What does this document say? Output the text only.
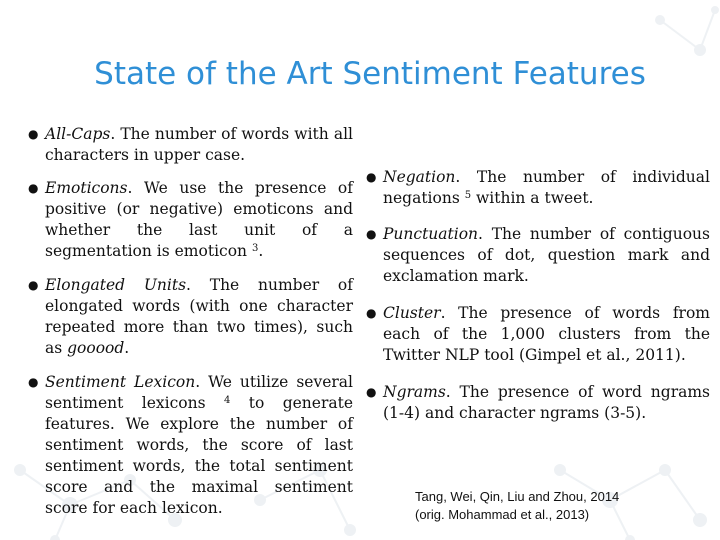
State of the Art Sentiment Features
● All-Caps. The number of words with all characters in upper case.
● Emoticons. We use the presence of positive (or negative) emoticons and whether the last unit of a segmentation is emoticon $^3$.
● Elongated Units. The number of elongated words (with one character repeated more than two times), such as gooood.
● Sentiment Lexicon. We utilize several sentiment lexicons $^4$ to generate features. We explore the number of sentiment words, the score of last sentiment words, the total sentiment score and the maximal sentiment score for each lexicon.
● Negation. The number of individual negations $^5$ within a tweet.
● Punctuation. The number of contiguous sequences of dot, question mark and exclamation mark.
● Cluster. The presence of words from each of the 1,000 clusters from the Twitter NLP tool (Gimpel et al., 2011).
● Ngrams. The presence of word ngrams (1-4) and character ngrams (3-5).
Tang, Wei, Qin, Liu and Zhou, 2014
(orig. Mohammad et al., 2013)
